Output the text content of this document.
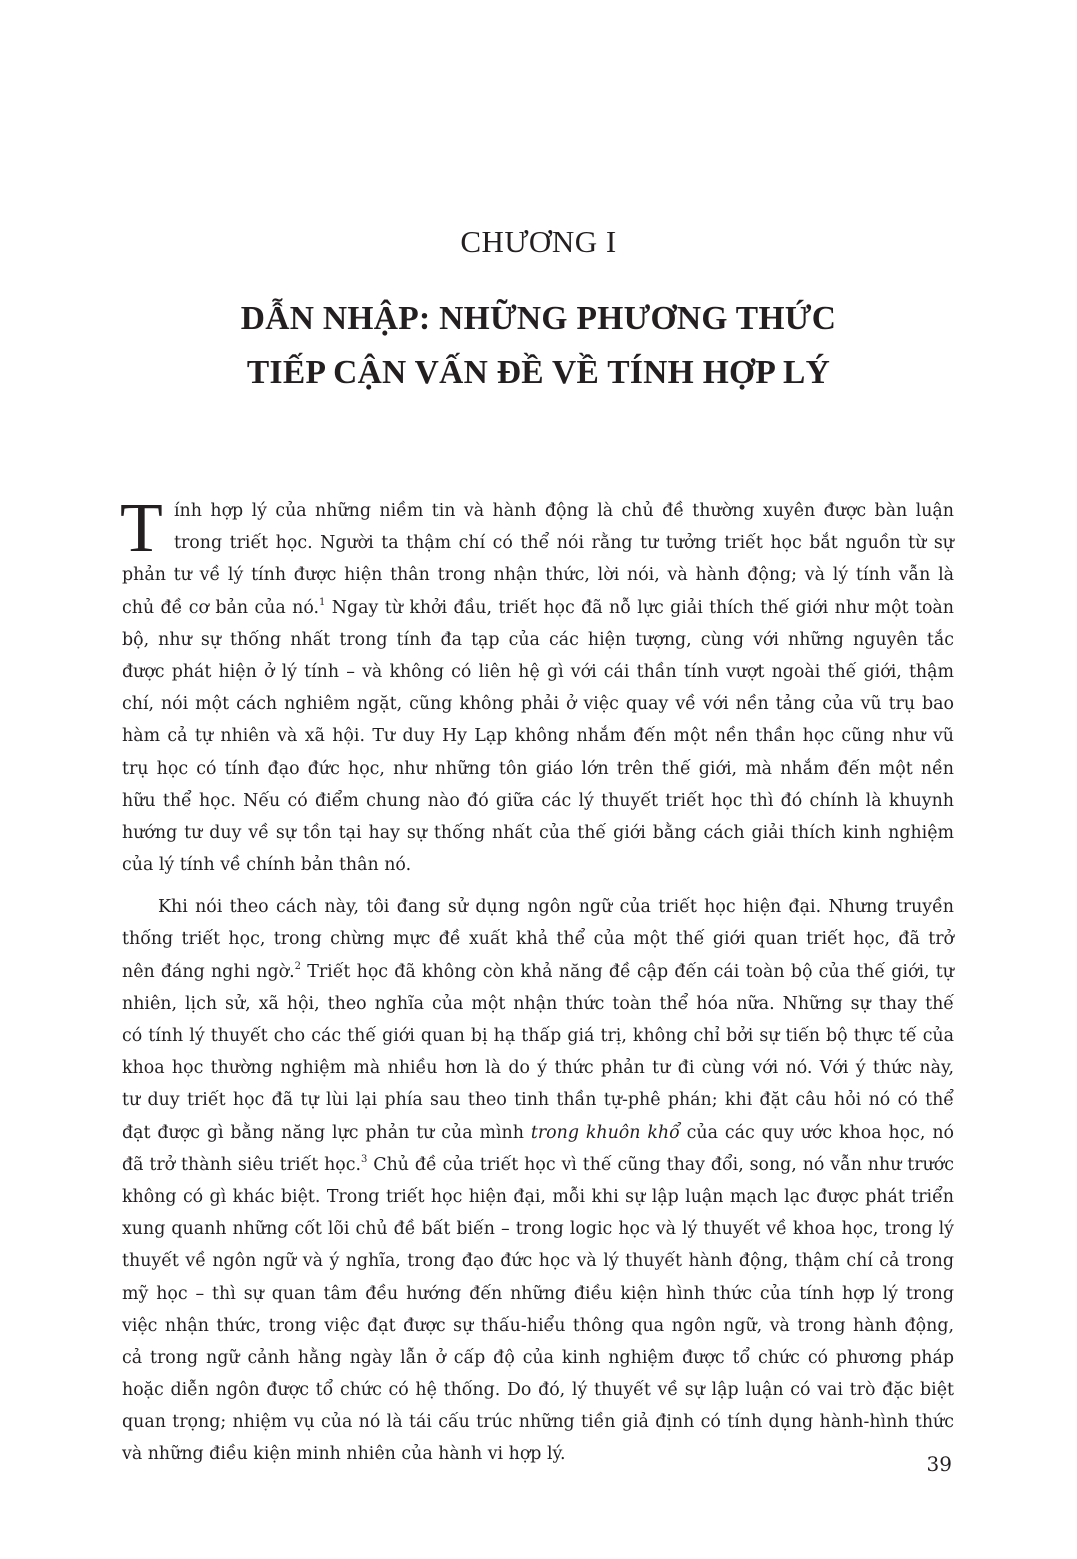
CHƯƠNG I
DẪN NHẬP: NHỮNG PHƯƠNG THỨC
TIẾP CẬN VẤN ĐỀ VỀ TÍNH HỢP LÝ
T ính hợp lý của những niềm tin và hành động là chủ đề thường xuyên được bàn luận
trong triết học. Người ta thậm chí có thể nói rằng tư tưởng triết học bắt nguồn từ sự
phản tư về lý tính được hiện thân trong nhận thức, lời nói, và hành động; và lý tính vẫn là
chủ đề cơ bản của nó.$^1$ Ngay từ khởi đầu, triết học đã nỗ lực giải thích thế giới như một toàn
bộ, như sự thống nhất trong tính đa tạp của các hiện tượng, cùng với những nguyên tắc
được phát hiện ở lý tính – và không có liên hệ gì với cái thần tính vượt ngoài thế giới, thậm
chí, nói một cách nghiêm ngặt, cũng không phải ở việc quay về với nền tảng của vũ trụ bao
hàm cả tự nhiên và xã hội. Tư duy Hy Lạp không nhắm đến một nền thần học cũng như vũ
trụ học có tính đạo đức học, như những tôn giáo lớn trên thế giới, mà nhắm đến một nền
hữu thể học. Nếu có điểm chung nào đó giữa các lý thuyết triết học thì đó chính là khuynh
hướng tư duy về sự tồn tại hay sự thống nhất của thế giới bằng cách giải thích kinh nghiệm
của lý tính về chính bản thân nó.
Khi nói theo cách này, tôi đang sử dụng ngôn ngữ của triết học hiện đại. Nhưng truyền
thống triết học, trong chừng mực đề xuất khả thể của một thế giới quan triết học, đã trở
nên đáng nghi ngờ.$^2$ Triết học đã không còn khả năng đề cập đến cái toàn bộ của thế giới, tự
nhiên, lịch sử, xã hội, theo nghĩa của một nhận thức toàn thể hóa nữa. Những sự thay thế
có tính lý thuyết cho các thế giới quan bị hạ thấp giá trị, không chỉ bởi sự tiến bộ thực tế của
khoa học thường nghiệm mà nhiều hơn là do ý thức phản tư đi cùng với nó. Với ý thức này,
tư duy triết học đã tự lùi lại phía sau theo tinh thần tự-phê phán; khi đặt câu hỏi nó có thể
đạt được gì bằng năng lực phản tư của mình trong khuôn khổ của các quy ước khoa học, nó
đã trở thành siêu triết học.$^3$ Chủ đề của triết học vì thế cũng thay đổi, song, nó vẫn như trước
không có gì khác biệt. Trong triết học hiện đại, mỗi khi sự lập luận mạch lạc được phát triển
xung quanh những cốt lõi chủ đề bất biến – trong logic học và lý thuyết về khoa học, trong lý
thuyết về ngôn ngữ và ý nghĩa, trong đạo đức học và lý thuyết hành động, thậm chí cả trong
mỹ học – thì sự quan tâm đều hướng đến những điều kiện hình thức của tính hợp lý trong
việc nhận thức, trong việc đạt được sự thấu-hiểu thông qua ngôn ngữ, và trong hành động,
cả trong ngữ cảnh hằng ngày lẫn ở cấp độ của kinh nghiệm được tổ chức có phương pháp
hoặc diễn ngôn được tổ chức có hệ thống. Do đó, lý thuyết về sự lập luận có vai trò đặc biệt
quan trọng; nhiệm vụ của nó là tái cấu trúc những tiền giả định có tính dụng hành-hình thức
và những điều kiện minh nhiên của hành vi hợp lý.	39
